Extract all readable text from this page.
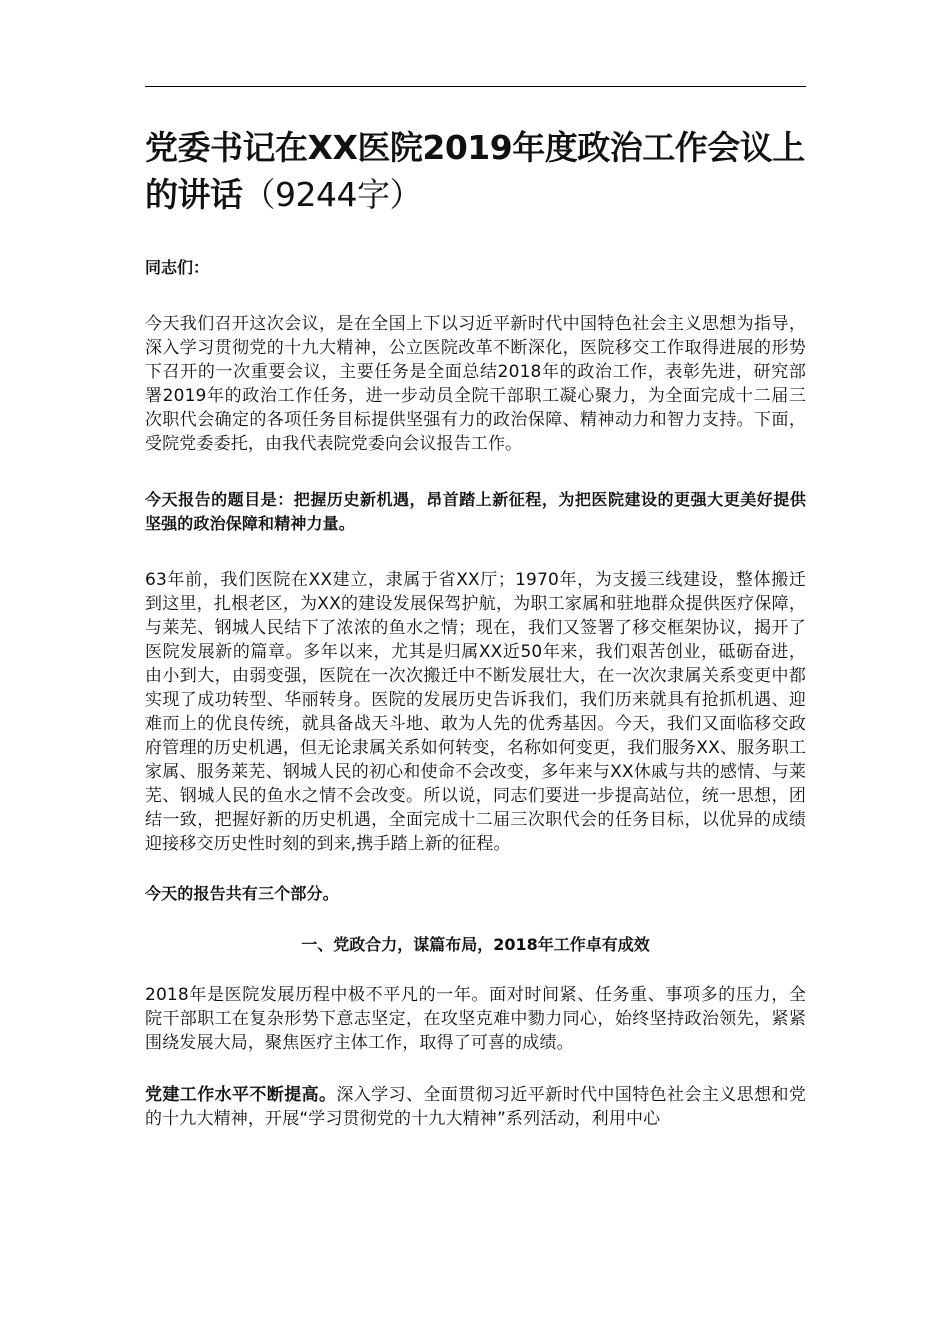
党委书记在XX医院2019年度政治工作会议上的讲话（9244字）

同志们：

今天我们召开这次会议，是在全国上下以习近平新时代中国特色社会主义思想为指导，深入学习贯彻党的十九大精神，公立医院改革不断深化，医院移交工作取得进展的形势下召开的一次重要会议，主要任务是全面总结2018年的政治工作，表彰先进，研究部署2019年的政治工作任务，进一步动员全院干部职工凝心聚力，为全面完成十二届三次职代会确定的各项任务目标提供坚强有力的政治保障、精神动力和智力支持。下面，受院党委委托，由我代表院党委向会议报告工作。

今天报告的题目是：把握历史新机遇，昂首踏上新征程，为把医院建设的更强大更美好提供坚强的政治保障和精神力量。

63年前，我们医院在XX建立，隶属于省XX厅；1970年，为支援三线建设，整体搬迁到这里，扎根老区，为XX的建设发展保驾护航，为职工家属和驻地群众提供医疗保障，与莱芜、钢城人民结下了浓浓的鱼水之情；现在，我们又签署了移交框架协议，揭开了医院发展新的篇章。多年以来，尤其是归属XX近50年来，我们艰苦创业，砥砺奋进，由小到大，由弱变强，医院在一次次搬迁中不断发展壮大，在一次次隶属关系变更中都实现了成功转型、华丽转身。医院的发展历史告诉我们，我们历来就具有抢抓机遇、迎难而上的优良传统，就具备战天斗地、敢为人先的优秀基因。今天，我们又面临移交政府管理的历史机遇，但无论隶属关系如何转变，名称如何变更，我们服务XX、服务职工家属、服务莱芜、钢城人民的初心和使命不会改变，多年来与XX休戚与共的感情、与莱芜、钢城人民的鱼水之情不会改变。所以说，同志们要进一步提高站位，统一思想，团结一致，把握好新的历史机遇，全面完成十二届三次职代会的任务目标，以优异的成绩迎接移交历史性时刻的到来,携手踏上新的征程。

今天的报告共有三个部分。

一、党政合力，谋篇布局，2018年工作卓有成效

2018年是医院发展历程中极不平凡的一年。面对时间紧、任务重、事项多的压力，全院干部职工在复杂形势下意志坚定，在攻坚克难中勠力同心，始终坚持政治领先，紧紧围绕发展大局，聚焦医疗主体工作，取得了可喜的成绩。

党建工作水平不断提高。深入学习、全面贯彻习近平新时代中国特色社会主义思想和党的十九大精神，开展“学习贯彻党的十九大精神”系列活动，利用中心
